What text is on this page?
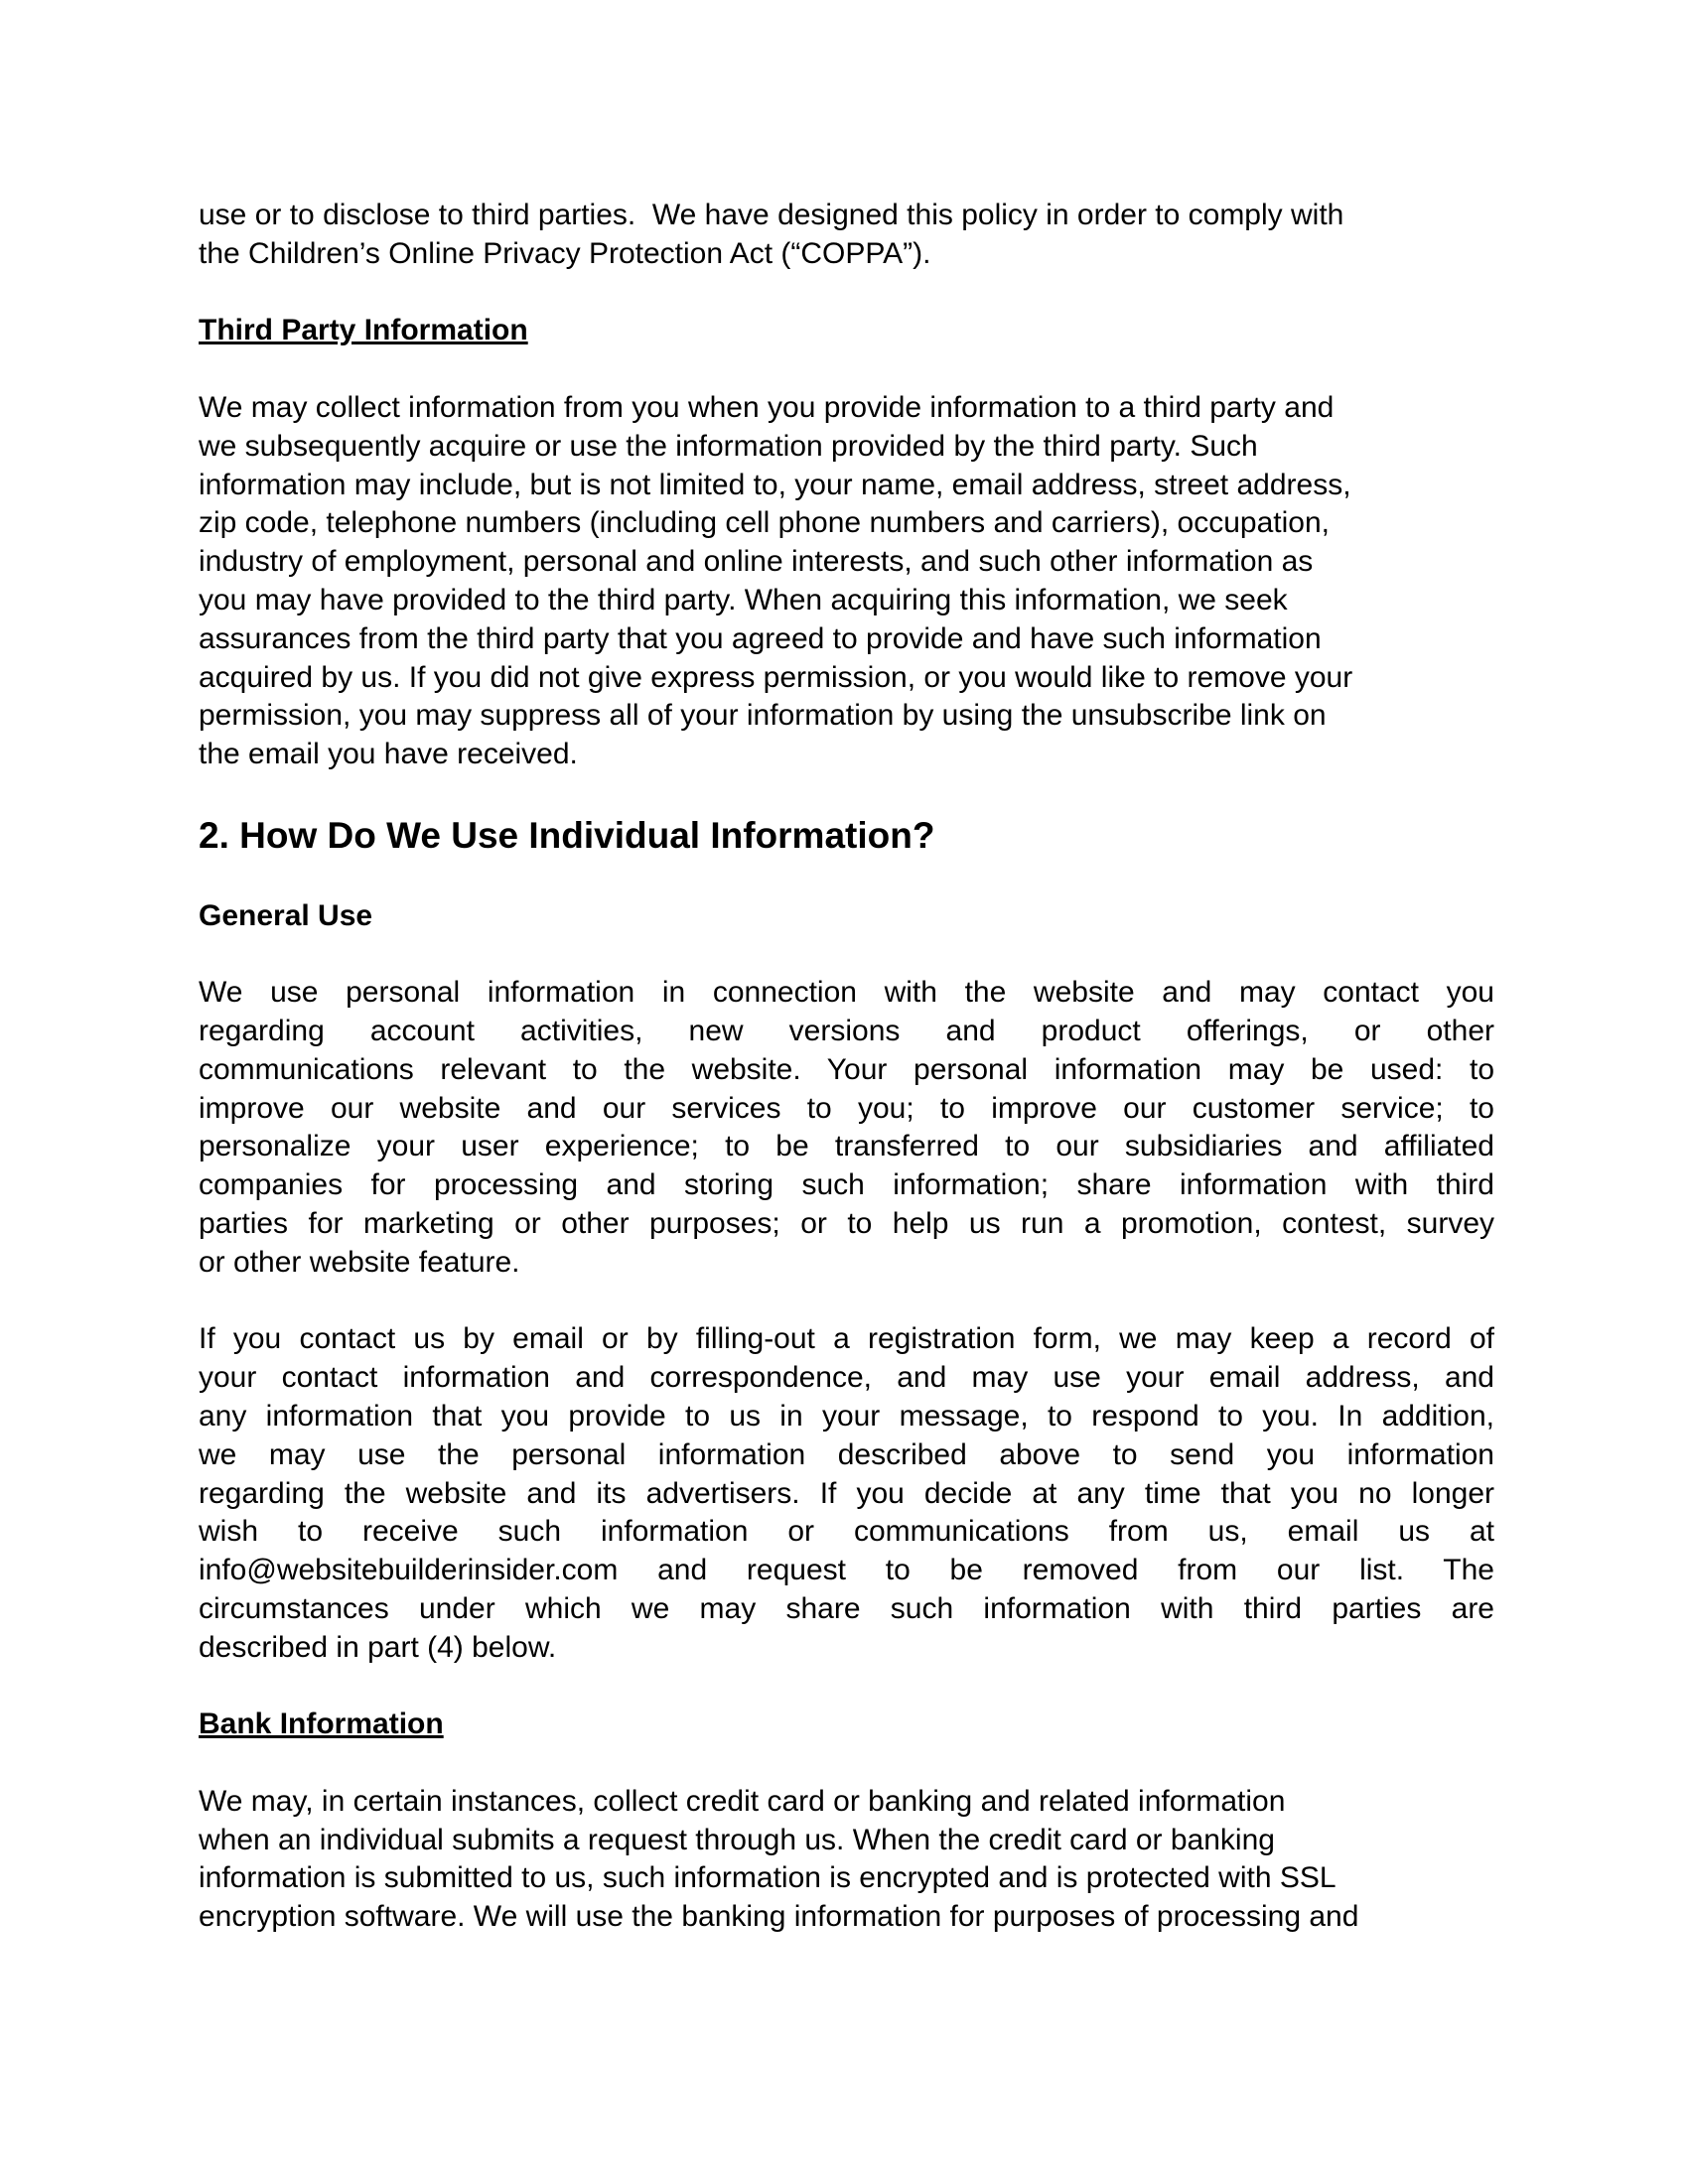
use or to disclose to third parties.  We have designed this policy in order to comply with
the Children’s Online Privacy Protection Act (“COPPA”).
Third Party Information
We may collect information from you when you provide information to a third party and
we subsequently acquire or use the information provided by the third party. Such
information may include, but is not limited to, your name, email address, street address,
zip code, telephone numbers (including cell phone numbers and carriers), occupation,
industry of employment, personal and online interests, and such other information as
you may have provided to the third party. When acquiring this information, we seek
assurances from the third party that you agreed to provide and have such information
acquired by us. If you did not give express permission, or you would like to remove your
permission, you may suppress all of your information by using the unsubscribe link on
the email you have received.
2. How Do We Use Individual Information?
General Use
We use personal information in connection with the website and may contact you
regarding account activities, new versions and product offerings, or other
communications relevant to the website. Your personal information may be used: to
improve our website and our services to you; to improve our customer service; to
personalize your user experience; to be transferred to our subsidiaries and affiliated
companies for processing and storing such information; share information with third
parties for marketing or other purposes; or to help us run a promotion, contest, survey
or other website feature.
If you contact us by email or by filling-out a registration form, we may keep a record of
your contact information and correspondence, and may use your email address, and
any information that you provide to us in your message, to respond to you. In addition,
we may use the personal information described above to send you information
regarding the website and its advertisers. If you decide at any time that you no longer
wish to receive such information or communications from us, email us at
info@websitebuilderinsider.com and request to be removed from our list. The
circumstances under which we may share such information with third parties are
described in part (4) below.
Bank Information
We may, in certain instances, collect credit card or banking and related information
when an individual submits a request through us. When the credit card or banking
information is submitted to us, such information is encrypted and is protected with SSL
encryption software. We will use the banking information for purposes of processing and
